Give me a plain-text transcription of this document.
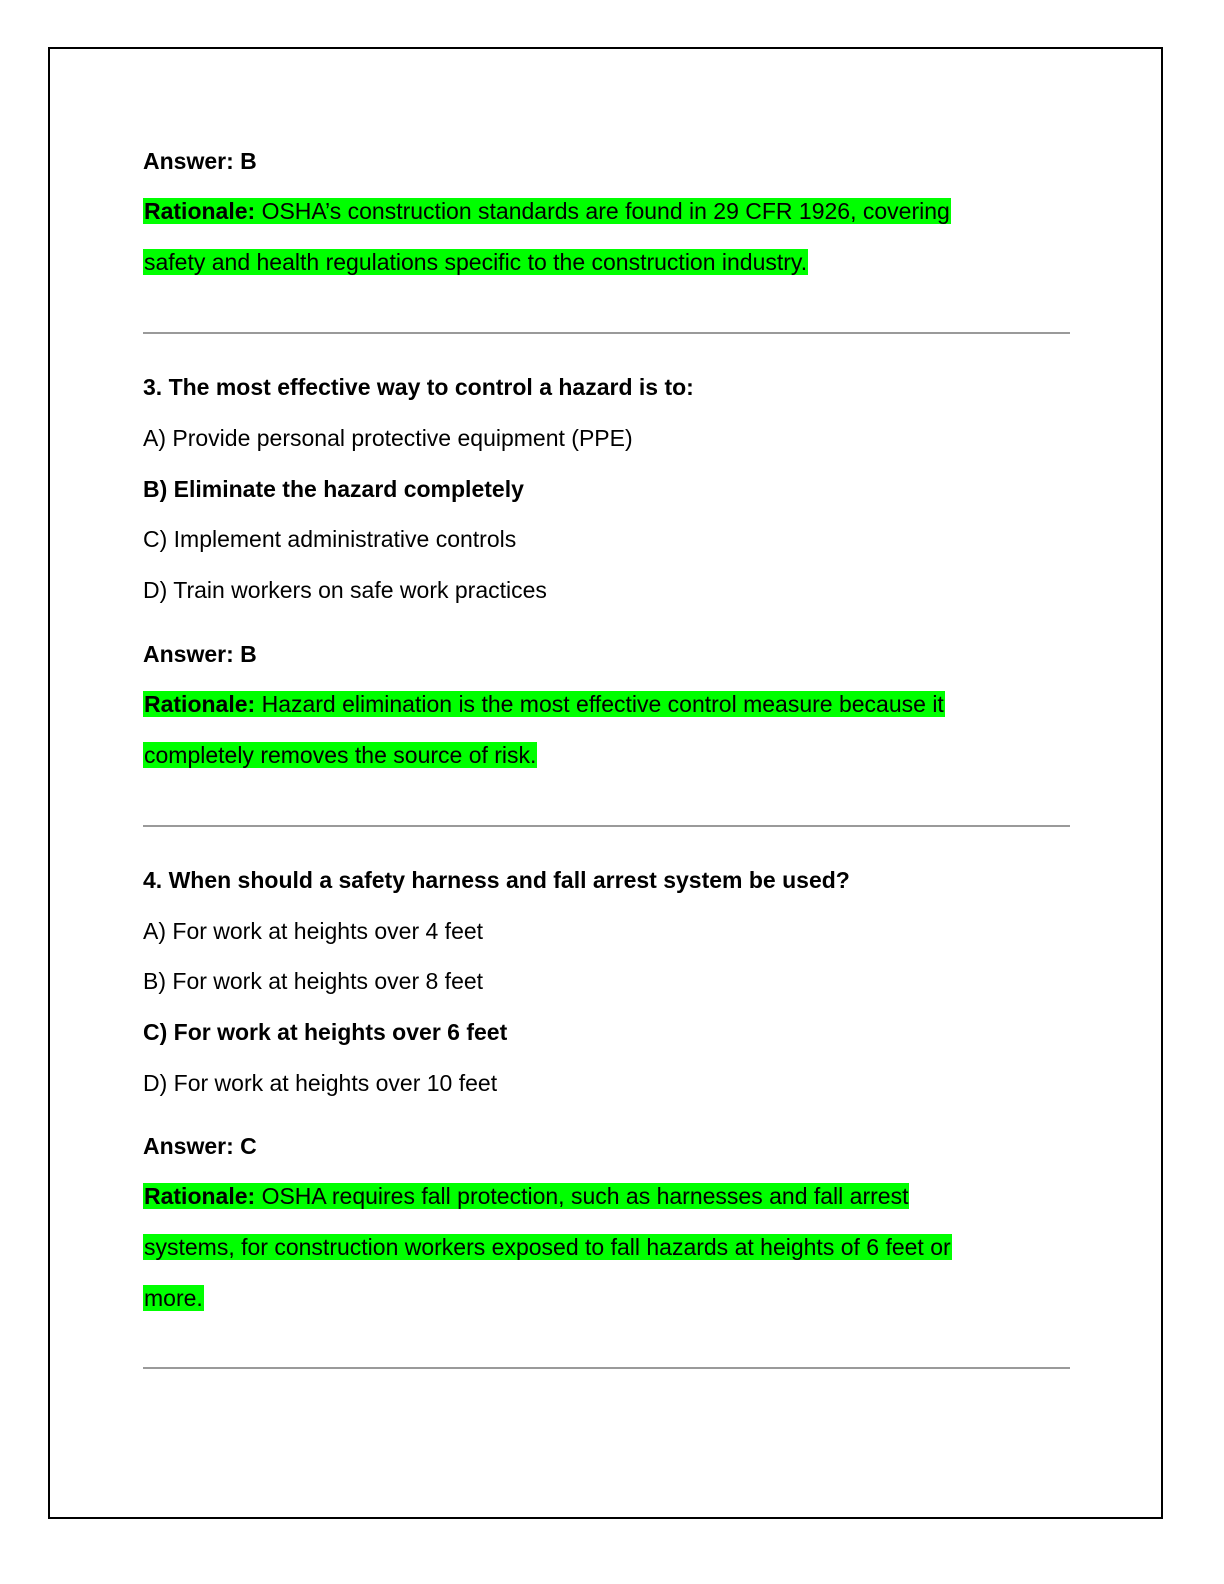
Answer: B
Rationale: OSHA’s construction standards are found in 29 CFR 1926, covering
safety and health regulations specific to the construction industry.
3. The most effective way to control a hazard is to:
A) Provide personal protective equipment (PPE)
B) Eliminate the hazard completely
C) Implement administrative controls
D) Train workers on safe work practices
Answer: B
Rationale: Hazard elimination is the most effective control measure because it
completely removes the source of risk.
4. When should a safety harness and fall arrest system be used?
A) For work at heights over 4 feet
B) For work at heights over 8 feet
C) For work at heights over 6 feet
D) For work at heights over 10 feet
Answer: C
Rationale: OSHA requires fall protection, such as harnesses and fall arrest
systems, for construction workers exposed to fall hazards at heights of 6 feet or
more.
